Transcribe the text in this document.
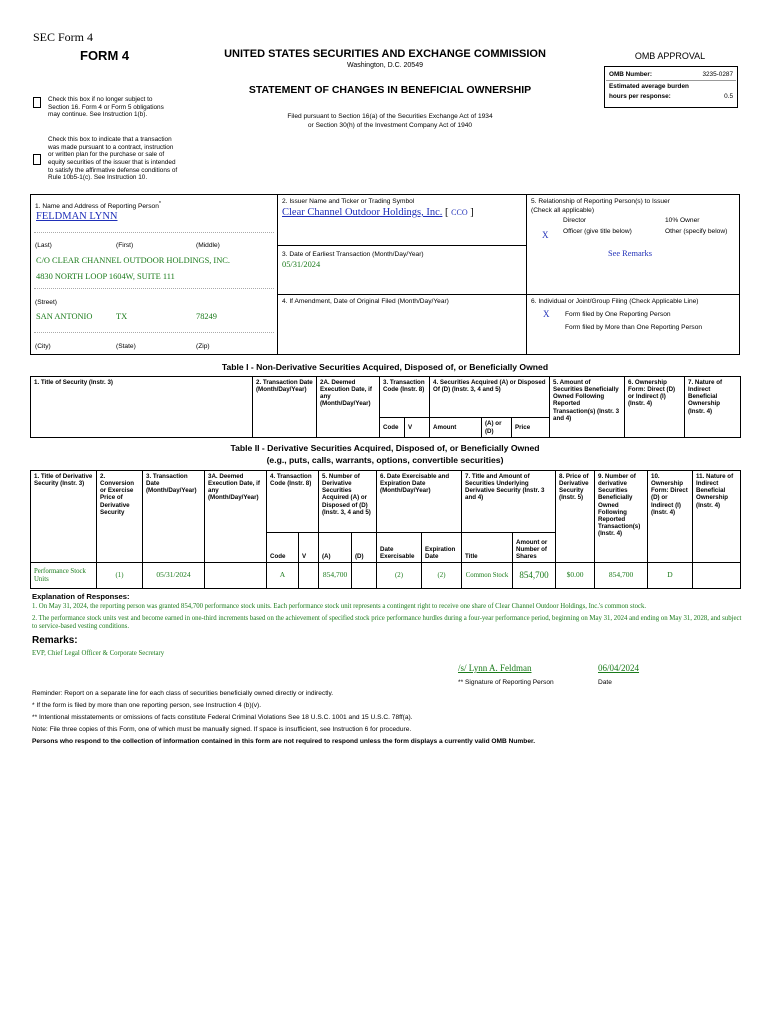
SEC Form 4
FORM 4	UNITED STATES SECURITIES AND EXCHANGE COMMISSION
Washington, D.C. 20549
Check this box if no longer subject to Section 16. Form 4 or Form 5 obligations may continue. See Instruction 1(b).
STATEMENT OF CHANGES IN BENEFICIAL OWNERSHIP
Filed pursuant to Section 16(a) of the Securities Exchange Act of 1934
or Section 30(h) of the Investment Company Act of 1940
Check this box to indicate that a transaction was made pursuant to a contract, instruction or written plan for the purchase or sale of equity securities of the issuer that is intended to satisfy the affirmative defense conditions of Rule 10b5-1(c). See Instruction 10.
OMB APPROVAL
OMB Number:	3235-0287
Estimated average burden
hours per response:	0.5
1. Name and Address of Reporting Person*
FELDMAN LYNN
(Last)	(First)	(Middle)
C/O CLEAR CHANNEL OUTDOOR HOLDINGS, INC.
4830 NORTH LOOP 1604W, SUITE 111
(Street)
SAN ANTONIO	TX	78249
(City)	(State)	(Zip)
2. Issuer Name and Ticker or Trading Symbol
Clear Channel Outdoor Holdings, Inc. [ CCO ]
3. Date of Earliest Transaction (Month/Day/Year)
05/31/2024
4. If Amendment, Date of Original Filed (Month/Day/Year)
5. Relationship of Reporting Person(s) to Issuer
(Check all applicable)
Director	10% Owner
X Officer (give title below)	Other (specify below)
See Remarks
6. Individual or Joint/Group Filing (Check Applicable Line)
X Form filed by One Reporting Person
Form filed by More than One Reporting Person
Table I - Non-Derivative Securities Acquired, Disposed of, or Beneficially Owned
1. Title of Security (Instr. 3)	2. Transaction Date (Month/Day/Year)	2A. Deemed Execution Date, if any (Month/Day/Year)	3. Transaction Code (Instr. 8)		4. Securities Acquired (A) or Disposed Of (D) (Instr. 3, 4 and 5)			5. Amount of Securities Beneficially Owned Following Reported Transaction(s) (Instr. 3 and 4)	6. Ownership Form: Direct (D) or Indirect (I) (Instr. 4)	7. Nature of Indirect Beneficial Ownership (Instr. 4)
			Code	V	Amount	(A) or (D)	Price			
Table II - Derivative Securities Acquired, Disposed of, or Beneficially Owned
(e.g., puts, calls, warrants, options, convertible securities)
1. Title of Derivative Security (Instr. 3)	2. Conversion or Exercise Price of Derivative Security	3. Transaction Date (Month/Day/Year)	3A. Deemed Execution Date, if any (Month/Day/Year)	4. Transaction Code (Instr. 8)		5. Number of Derivative Securities Acquired (A) or Disposed of (D) (Instr. 3, 4 and 5)		6. Date Exercisable and Expiration Date (Month/Day/Year)		7. Title and Amount of Securities Underlying Derivative Security (Instr. 3 and 4)		8. Price of Derivative Security (Instr. 5)	9. Number of derivative Securities Beneficially Owned Following Reported Transaction(s) (Instr. 4)	10. Ownership Form: Direct (D) or Indirect (I) (Instr. 4)	11. Nature of Indirect Beneficial Ownership (Instr. 4)
				Code	V	(A)	(D)	Date Exercisable	Expiration Date	Title	Amount or Number of Shares				
Performance Stock Units	(1)	05/31/2024		A		854,700		(2)	(2)	Common Stock	854,700	$0.00	854,700	D	
Explanation of Responses:
1. On May 31, 2024, the reporting person was granted 854,700 performance stock units. Each performance stock unit represents a contingent right to receive one share of Clear Channel Outdoor Holdings, Inc.'s common stock.
2. The performance stock units vest and become earned in one-third increments based on the achievement of specified stock price performance hurdles during a four-year performance period, beginning on May 31, 2024 and ending on May 31, 2028, and subject to service-based vesting conditions.
Remarks:
EVP, Chief Legal Officer & Corporate Secretary
/s/ Lynn A. Feldman	06/04/2024
** Signature of Reporting Person	Date
Reminder: Report on a separate line for each class of securities beneficially owned directly or indirectly.
* If the form is filed by more than one reporting person, see Instruction 4 (b)(v).
** Intentional misstatements or omissions of facts constitute Federal Criminal Violations See 18 U.S.C. 1001 and 15 U.S.C. 78ff(a).
Note: File three copies of this Form, one of which must be manually signed. If space is insufficient, see Instruction 6 for procedure.
Persons who respond to the collection of information contained in this form are not required to respond unless the form displays a currently valid OMB Number.
